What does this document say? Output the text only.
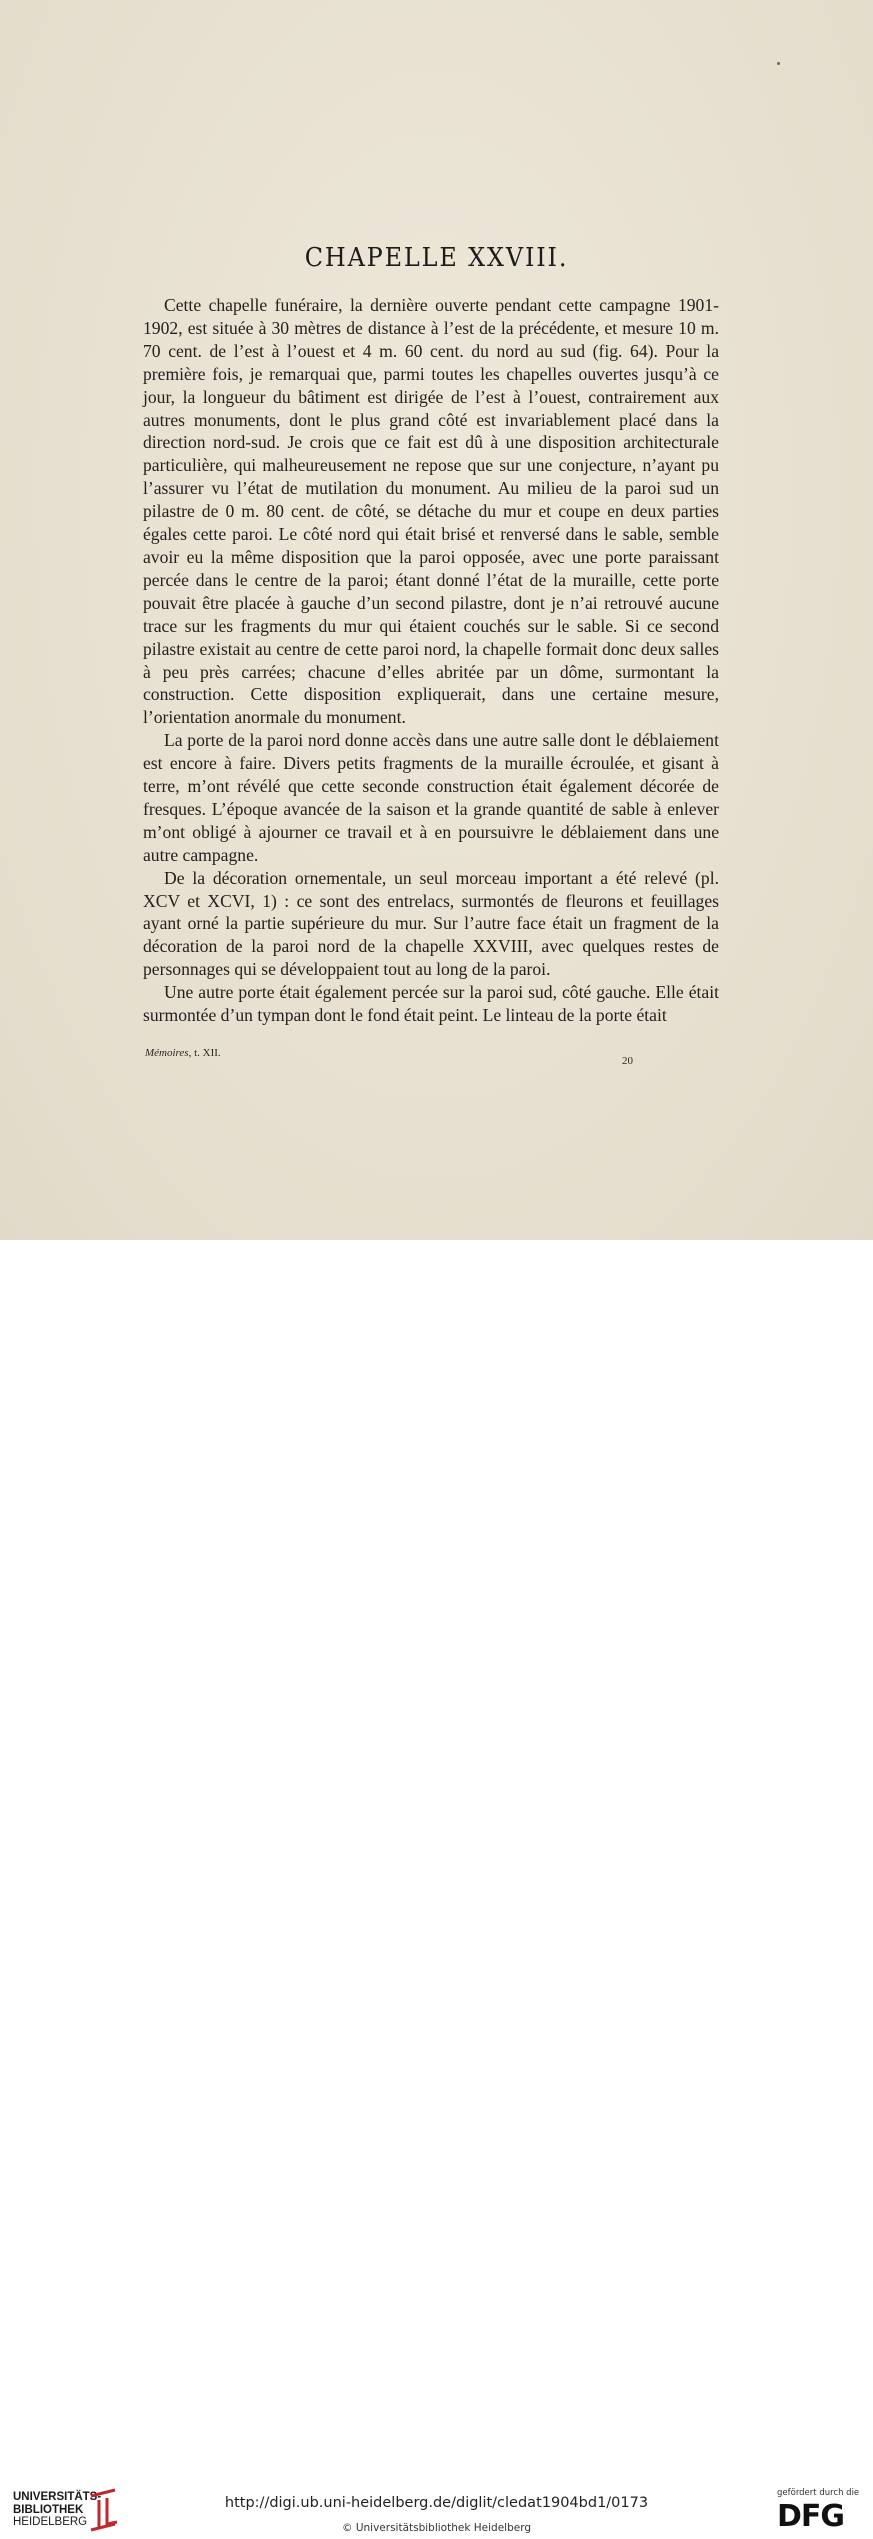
CHAPELLE XXVIII.

Cette chapelle funéraire, la dernière ouverte pendant cette campagne 1901-1902, est située à 30 mètres de distance à l’est de la précédente, et mesure 10 m. 70 cent. de l’est à l’ouest et 4 m. 60 cent. du nord au sud (fig. 64). Pour la première fois, je remarquai que, parmi toutes les chapelles ouvertes jusqu’à ce jour, la longueur du bâtiment est dirigée de l’est à l’ouest, contrairement aux autres monuments, dont le plus grand côté est invariablement placé dans la direction nord-sud. Je crois que ce fait est dû à une disposition architecturale particulière, qui malheureusement ne repose que sur une conjecture, n’ayant pu l’assurer vu l’état de mutilation du monument. Au milieu de la paroi sud un pilastre de 0 m. 80 cent. de côté, se détache du mur et coupe en deux parties égales cette paroi. Le côté nord qui était brisé et renversé dans le sable, semble avoir eu la même disposition que la paroi opposée, avec une porte paraissant percée dans le centre de la paroi; étant donné l’état de la muraille, cette porte pouvait être placée à gauche d’un second pilastre, dont je n’ai retrouvé aucune trace sur les fragments du mur qui étaient couchés sur le sable. Si ce second pilastre existait au centre de cette paroi nord, la chapelle formait donc deux salles à peu près carrées; chacune d’elles abritée par un dôme, surmontant la construction. Cette disposition expliquerait, dans une certaine mesure, l’orientation anormale du monument.

La porte de la paroi nord donne accès dans une autre salle dont le déblaiement est encore à faire. Divers petits fragments de la muraille écroulée, et gisant à terre, m’ont révélé que cette seconde construction était également décorée de fresques. L’époque avancée de la saison et la grande quantité de sable à enlever m’ont obligé à ajourner ce travail et à en poursuivre le déblaiement dans une autre campagne.

De la décoration ornementale, un seul morceau important a été relevé (pl. XCV et XCVI, 1) : ce sont des entrelacs, surmontés de fleurons et feuillages ayant orné la partie supérieure du mur. Sur l’autre face était un fragment de la décoration de la paroi nord de la chapelle XXVIII, avec quelques restes de personnages qui se développaient tout au long de la paroi.

Une autre porte était également percée sur la paroi sud, côté gauche. Elle était surmontée d’un tympan dont le fond était peint. Le linteau de la porte était

Mémoires, t. XII.
20
UNIVERSITÄTS-
BIBLIOTHEK
HEIDELBERG
http://digi.ub.uni-heidelberg.de/diglit/cledat1904bd1/0173
© Universitätsbibliothek Heidelberg
gefördert durch die
DFG
